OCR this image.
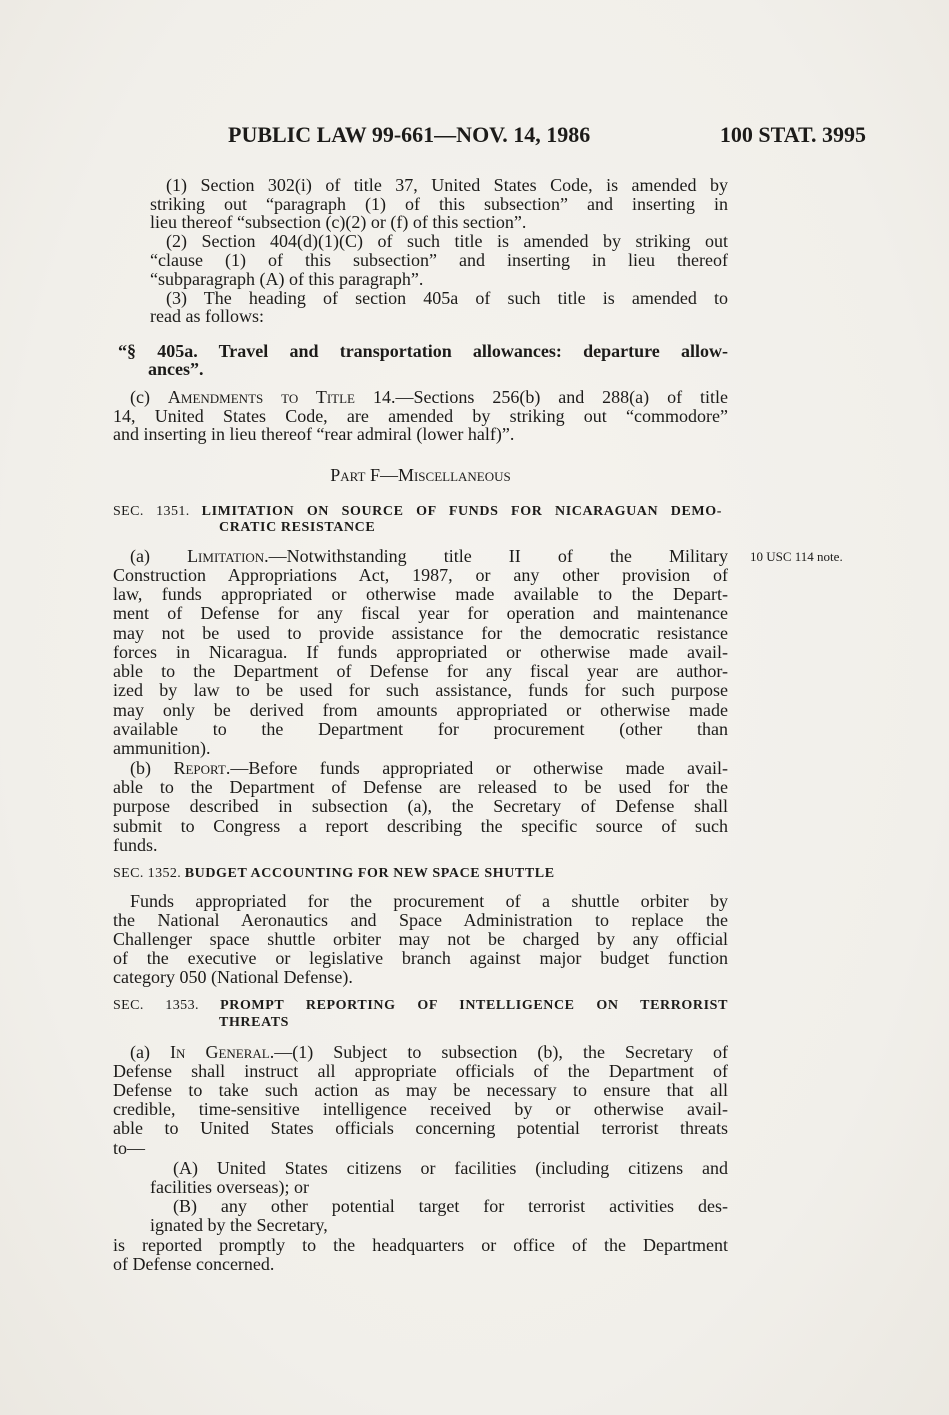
PUBLIC LAW 99-661—NOV. 14, 1986	100 STAT. 3995
(1) Section 302(i) of title 37, United States Code, is amended by
striking out “paragraph (1) of this subsection” and inserting in
lieu thereof “subsection (c)(2) or (f) of this section”.
(2) Section 404(d)(1)(C) of such title is amended by striking out
“clause (1) of this subsection” and inserting in lieu thereof
“subparagraph (A) of this paragraph”.
(3) The heading of section 405a of such title is amended to
read as follows:
“§ 405a. Travel and transportation allowances: departure allow-
ances”.
(c) Amendments to Title 14.—Sections 256(b) and 288(a) of title
14, United States Code, are amended by striking out “commodore”
and inserting in lieu thereof “rear admiral (lower half)”.
Part F—Miscellaneous
SEC. 1351. LIMITATION ON SOURCE OF FUNDS FOR NICARAGUAN DEMO-
CRATIC RESISTANCE
10 USC 114 note.
(a) Limitation.—Notwithstanding title II of the Military
Construction Appropriations Act, 1987, or any other provision of
law, funds appropriated or otherwise made available to the Depart-
ment of Defense for any fiscal year for operation and maintenance
may not be used to provide assistance for the democratic resistance
forces in Nicaragua. If funds appropriated or otherwise made avail-
able to the Department of Defense for any fiscal year are author-
ized by law to be used for such assistance, funds for such purpose
may only be derived from amounts appropriated or otherwise made
available to the Department for procurement (other than
ammunition).
(b) Report.—Before funds appropriated or otherwise made avail-
able to the Department of Defense are released to be used for the
purpose described in subsection (a), the Secretary of Defense shall
submit to Congress a report describing the specific source of such
funds.
SEC. 1352. BUDGET ACCOUNTING FOR NEW SPACE SHUTTLE
Funds appropriated for the procurement of a shuttle orbiter by
the National Aeronautics and Space Administration to replace the
Challenger space shuttle orbiter may not be charged by any official
of the executive or legislative branch against major budget function
category 050 (National Defense).
SEC. 1353. PROMPT REPORTING OF INTELLIGENCE ON TERRORIST
THREATS
(a) In General.—(1) Subject to subsection (b), the Secretary of
Defense shall instruct all appropriate officials of the Department of
Defense to take such action as may be necessary to ensure that all
credible, time-sensitive intelligence received by or otherwise avail-
able to United States officials concerning potential terrorist threats
to—
(A) United States citizens or facilities (including citizens and
facilities overseas); or
(B) any other potential target for terrorist activities des-
ignated by the Secretary,
is reported promptly to the headquarters or office of the Department
of Defense concerned.
